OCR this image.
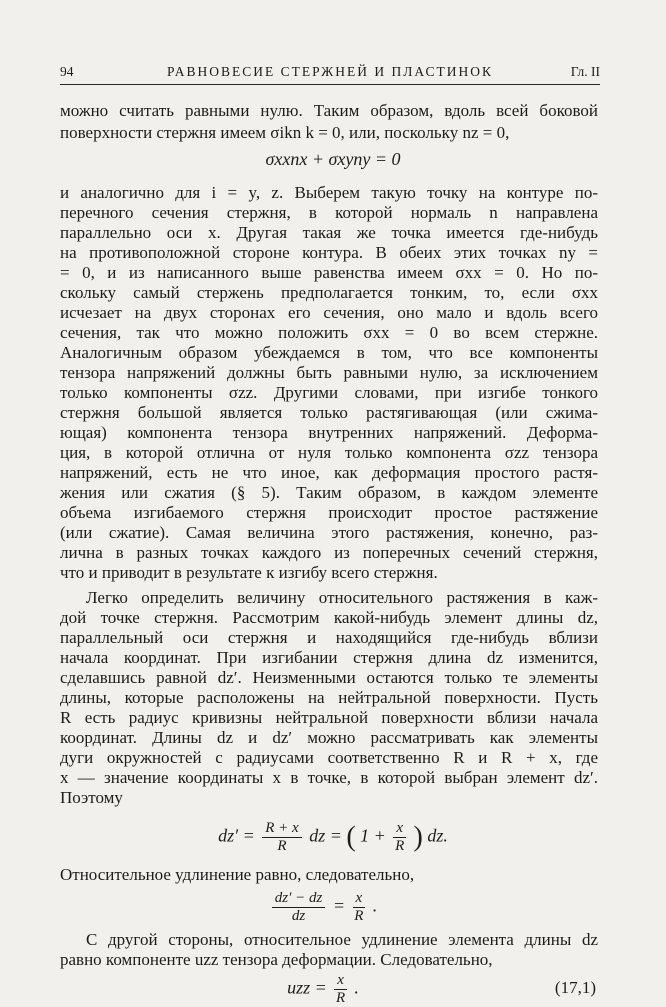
94	РАВНОВЕСИЕ СТЕРЖНЕЙ И ПЛАСТИНОК	Гл. II
можно считать равными нулю. Таким образом, вдоль всей боковой
поверхности стержня имеем σikn k = 0, или, поскольку nz = 0,
σxxnx + σxyny = 0
и аналогично для i = y, z. Выберем такую точку на контуре по-
перечного сечения стержня, в которой нормаль n направлена
параллельно оси x. Другая такая же точка имеется где-нибудь
на противоположной стороне контура. В обеих этих точках ny =
= 0, и из написанного выше равенства имеем σxx = 0. Но по-
скольку самый стержень предполагается тонким, то, если σxx
исчезает на двух сторонах его сечения, оно мало и вдоль всего
сечения, так что можно положить σxx = 0 во всем стержне.
Аналогичным образом убеждаемся в том, что все компоненты
тензора напряжений должны быть равными нулю, за исключением
только компоненты σzz. Другими словами, при изгибе тонкого
стержня большой является только растягивающая (или сжима-
ющая) компонента тензора внутренних напряжений. Деформа-
ция, в которой отлична от нуля только компонента σzz тензора
напряжений, есть не что иное, как деформация простого растя-
жения или сжатия (§ 5). Таким образом, в каждом элементе
объема изгибаемого стержня происходит простое растяжение
(или сжатие). Самая величина этого растяжения, конечно, раз-
лична в разных точках каждого из поперечных сечений стержня,
что и приводит в результате к изгибу всего стержня.
Легко определить величину относительного растяжения в каж-
дой точке стержня. Рассмотрим какой-нибудь элемент длины dz,
параллельный оси стержня и находящийся где-нибудь вблизи
начала координат. При изгибании стержня длина dz изменится,
сделавшись равной dz′. Неизменными остаются только те элементы
длины, которые расположены на нейтральной поверхности. Пусть
R есть радиус кривизны нейтральной поверхности вблизи начала
координат. Длины dz и dz′ можно рассматривать как элементы
дуги окружностей с радиусами соответственно R и R + x, где
x — значение координаты x в точке, в которой выбран элемент dz′.
Поэтому
$dz' = \frac{R + x}{R}$ dz = ( $1 + \frac{x}{R}$ ) dz.
Относительное удлинение равно, следовательно,
$\frac{dz' - dz}{dz} = \frac{x}{R}$ .
С другой стороны, относительное удлинение элемента длины dz
равно компоненте uzz тензора деформации. Следовательно,
uzz = $\frac{x}{R}$ .	(17,1)
